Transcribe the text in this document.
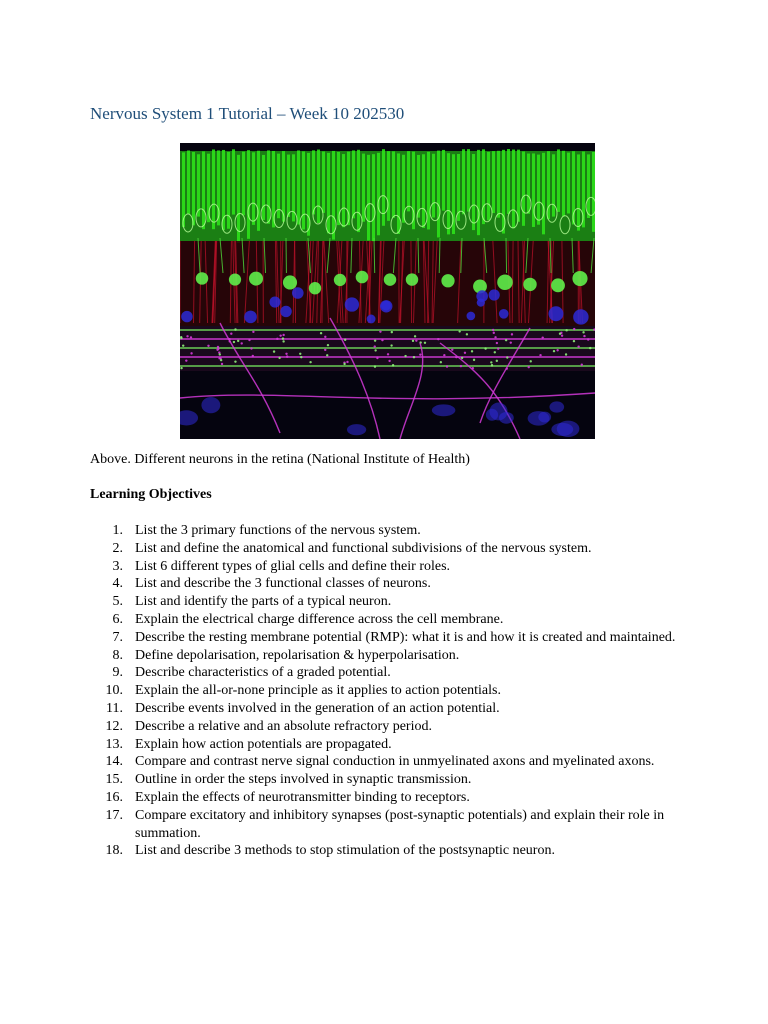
Nervous System 1 Tutorial – Week 10 202530

Above. Different neurons in the retina (National Institute of Health)

Learning Objectives
1. List the 3 primary functions of the nervous system.
2. List and define the anatomical and functional subdivisions of the nervous system.
3. List 6 different types of glial cells and define their roles.
4. List and describe the 3 functional classes of neurons.
5. List and identify the parts of a typical neuron.
6. Explain the electrical charge difference across the cell membrane.
7. Describe the resting membrane potential (RMP): what it is and how it is created and maintained.
8. Define depolarisation, repolarisation & hyperpolarisation.
9. Describe characteristics of a graded potential.
10. Explain the all-or-none principle as it applies to action potentials.
11. Describe events involved in the generation of an action potential.
12. Describe a relative and an absolute refractory period.
13. Explain how action potentials are propagated.
14. Compare and contrast nerve signal conduction in unmyelinated axons and myelinated axons.
15. Outline in order the steps involved in synaptic transmission.
16. Explain the effects of neurotransmitter binding to receptors.
17. Compare excitatory and inhibitory synapses (post-synaptic potentials) and explain their role in summation.
18. List and describe 3 methods to stop stimulation of the postsynaptic neuron.
